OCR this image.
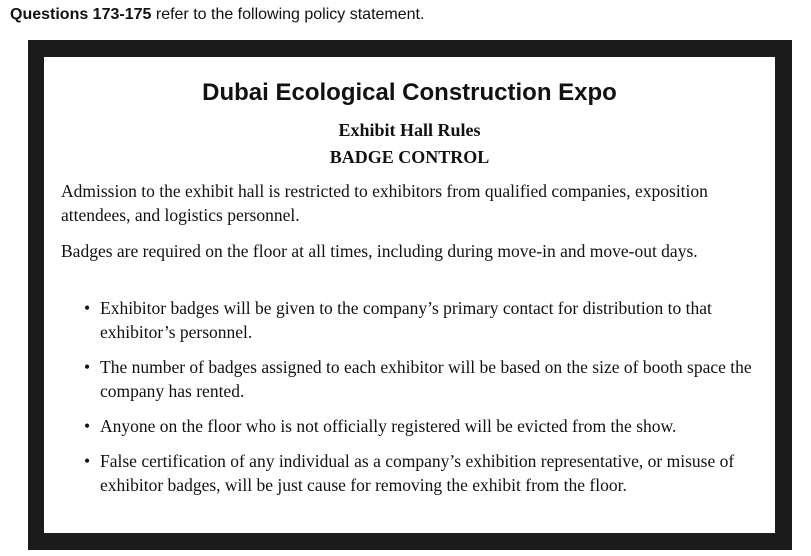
Questions 173-175 refer to the following policy statement.
Dubai Ecological Construction Expo
Exhibit Hall Rules
BADGE CONTROL
Admission to the exhibit hall is restricted to exhibitors from qualified companies, exposition attendees, and logistics personnel.
Badges are required on the floor at all times, including during move-in and move-out days.
• Exhibitor badges will be given to the company’s primary contact for distribution to that exhibitor’s personnel.
• The number of badges assigned to each exhibitor will be based on the size of booth space the company has rented.
• Anyone on the floor who is not officially registered will be evicted from the show.
• False certification of any individual as a company’s exhibition representative, or misuse of exhibitor badges, will be just cause for removing the exhibit from the floor.
